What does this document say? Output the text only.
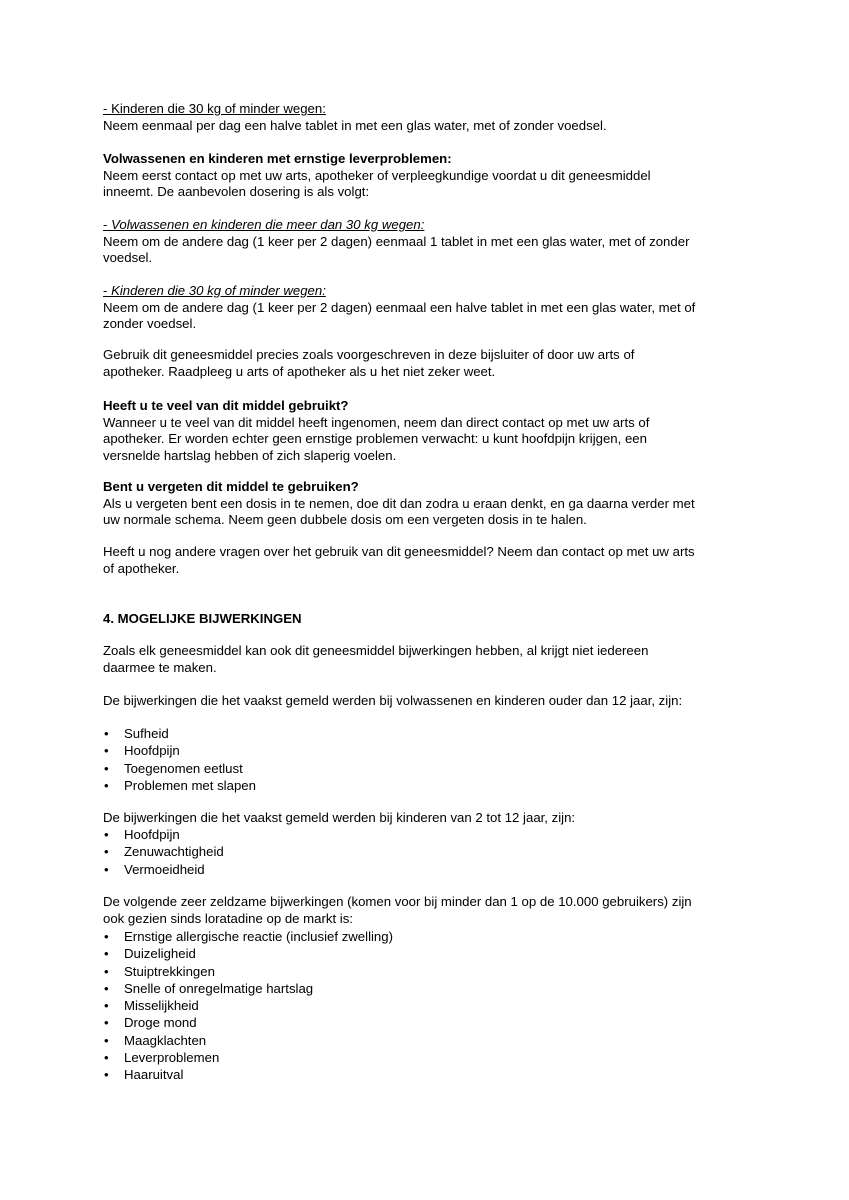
- Kinderen die 30 kg of minder wegen:
Neem eenmaal per dag een halve tablet in met een glas water, met of zonder voedsel.
Volwassenen en kinderen met ernstige leverproblemen:
Neem eerst contact op met uw arts, apotheker of verpleegkundige voordat u dit geneesmiddel
inneemt. De aanbevolen dosering is als volgt:
- Volwassenen en kinderen die meer dan 30 kg wegen:
Neem om de andere dag (1 keer per 2 dagen) eenmaal 1 tablet in met een glas water, met of zonder
voedsel.
- Kinderen die 30 kg of minder wegen:
Neem om de andere dag (1 keer per 2 dagen) eenmaal een halve tablet in met een glas water, met of
zonder voedsel.
Gebruik dit geneesmiddel precies zoals voorgeschreven in deze bijsluiter of door uw arts of
apotheker. Raadpleeg u arts of apotheker als u het niet zeker weet.
Heeft u te veel van dit middel gebruikt?
Wanneer u te veel van dit middel heeft ingenomen, neem dan direct contact op met uw arts of
apotheker. Er worden echter geen ernstige problemen verwacht: u kunt hoofdpijn krijgen, een
versnelde hartslag hebben of zich slaperig voelen.
Bent u vergeten dit middel te gebruiken?
Als u vergeten bent een dosis in te nemen, doe dit dan zodra u eraan denkt, en ga daarna verder met
uw normale schema. Neem geen dubbele dosis om een vergeten dosis in te halen.
Heeft u nog andere vragen over het gebruik van dit geneesmiddel? Neem dan contact op met uw arts
of apotheker.
4. MOGELIJKE BIJWERKINGEN
Zoals elk geneesmiddel kan ook dit geneesmiddel bijwerkingen hebben, al krijgt niet iedereen
daarmee te maken.
De bijwerkingen die het vaakst gemeld werden bij volwassenen en kinderen ouder dan 12 jaar, zijn:
• Sufheid
• Hoofdpijn
• Toegenomen eetlust
• Problemen met slapen
De bijwerkingen die het vaakst gemeld werden bij kinderen van 2 tot 12 jaar, zijn:
• Hoofdpijn
• Zenuwachtigheid
• Vermoeidheid
De volgende zeer zeldzame bijwerkingen (komen voor bij minder dan 1 op de 10.000 gebruikers) zijn
ook gezien sinds loratadine op de markt is:
• Ernstige allergische reactie (inclusief zwelling)
• Duizeligheid
• Stuiptrekkingen
• Snelle of onregelmatige hartslag
• Misselijkheid
• Droge mond
• Maagklachten
• Leverproblemen
• Haaruitval
